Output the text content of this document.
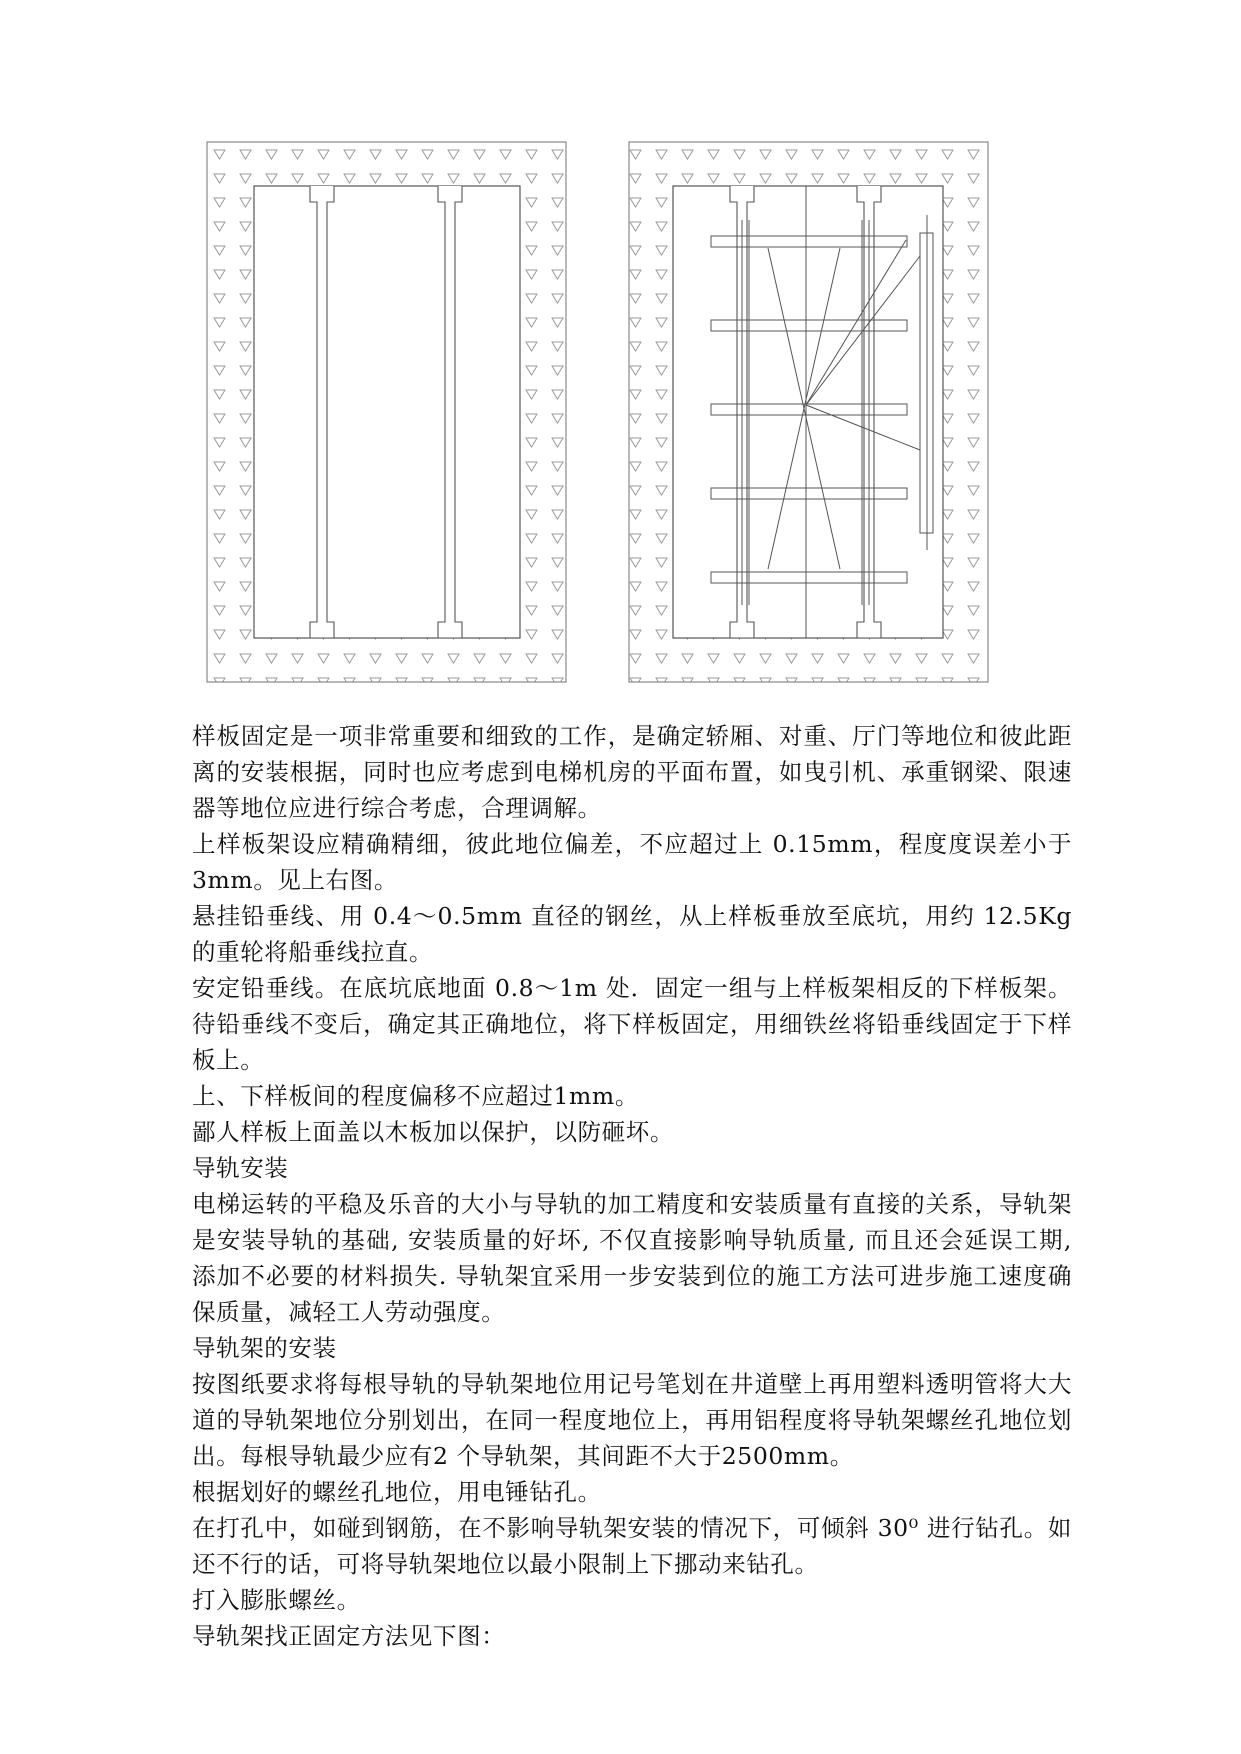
样板固定是一项非常重要和细致的工作，是确定轿厢、对重、厅门等地位和彼此距离的安装根据，同时也应考虑到电梯机房的平面布置，如曳引机、承重钢梁、限速器等地位应进行综合考虑，合理调解。

上样板架设应精确精细，彼此地位偏差，不应超过上 0.15mm，程度度误差小于3mm。见上右图。

悬挂铅垂线、用 0.4～0.5mm 直径的钢丝，从上样板垂放至底坑，用约 12.5Kg 的重轮将船垂线拉直。

安定铅垂线。在底坑底地面 0.8～1m 处．固定一组与上样板架相反的下样板架。待铅垂线不变后，确定其正确地位，将下样板固定，用细铁丝将铅垂线固定于下样板上。

上、下样板间的程度偏移不应超过1mm。

鄙人样板上面盖以木板加以保护，以防砸坏。

导轨安装

电梯运转的平稳及乐音的大小与导轨的加工精度和安装质量有直接的关系，导轨架是安装导轨的基础, 安装质量的好坏, 不仅直接影响导轨质量, 而且还会延误工期, 添加不必要的材料损失. 导轨架宜采用一步安装到位的施工方法可进步施工速度确保质量，减轻工人劳动强度。

导轨架的安装

按图纸要求将每根导轨的导轨架地位用记号笔划在井道壁上再用塑料透明管将大大道的导轨架地位分别划出，在同一程度地位上，再用铝程度将导轨架螺丝孔地位划出。每根导轨最少应有2 个导轨架，其间距不大于2500mm。

根据划好的螺丝孔地位，用电锤钻孔。

在打孔中，如碰到钢筋，在不影响导轨架安装的情况下，可倾斜 30⁰ 进行钻孔。如还不行的话，可将导轨架地位以最小限制上下挪动来钻孔。

打入膨胀螺丝。

导轨架找正固定方法见下图：
